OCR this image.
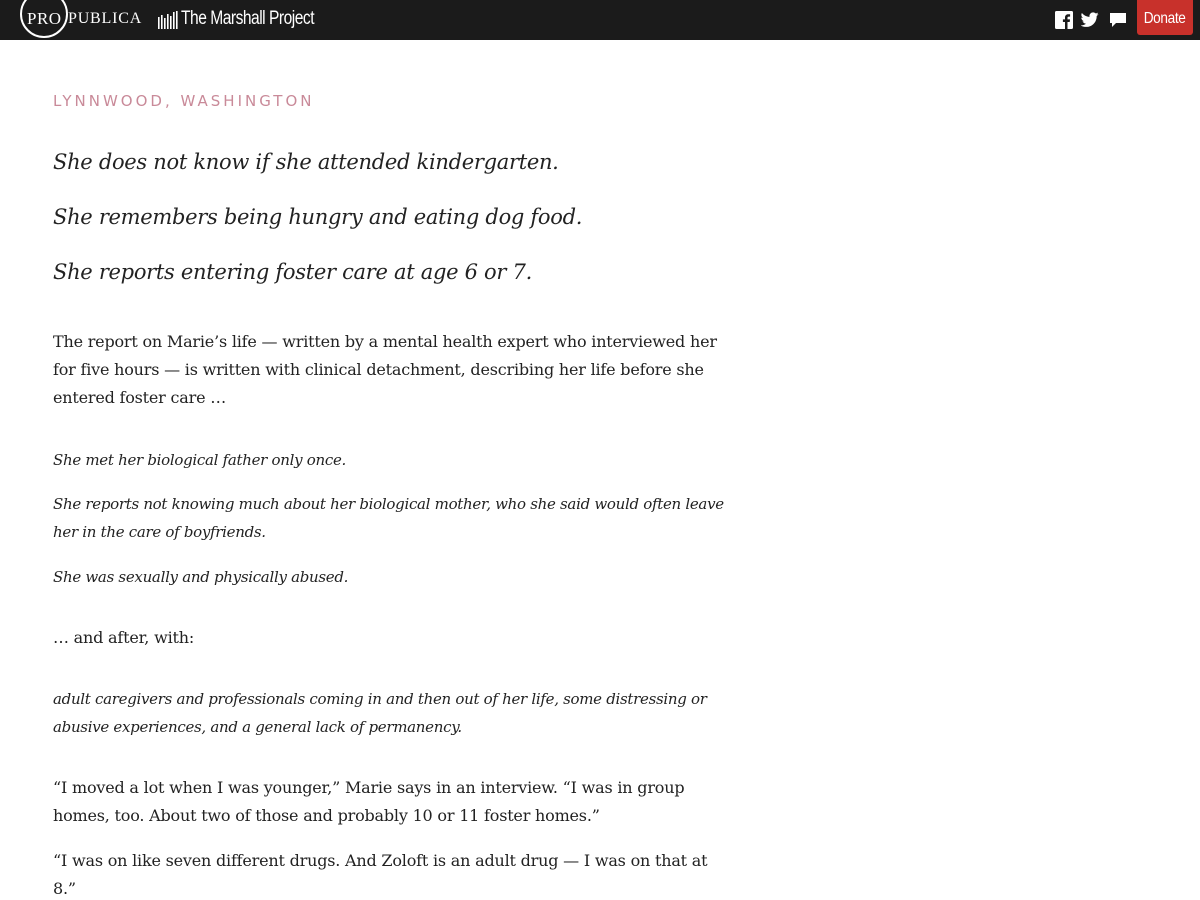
PRO PUBLICA The Marshall Project	Donate
LYNNWOOD, WASHINGTON

She does not know if she attended kindergarten.

She remembers being hungry and eating dog food.

She reports entering foster care at age 6 or 7.

The report on Marie’s life — written by a mental health expert who interviewed her for five hours — is written with clinical detachment, describing her life before she entered foster care …

She met her biological father only once.

She reports not knowing much about her biological mother, who she said would often leave her in the care of boyfriends.

She was sexually and physically abused.

… and after, with:

adult caregivers and professionals coming in and then out of her life, some distressing or abusive experiences, and a general lack of permanency.

“I moved a lot when I was younger,” Marie says in an interview. “I was in group homes, too. About two of those and probably 10 or 11 foster homes.”

“I was on like seven different drugs. And Zoloft is an adult drug — I was on that at 8.”
